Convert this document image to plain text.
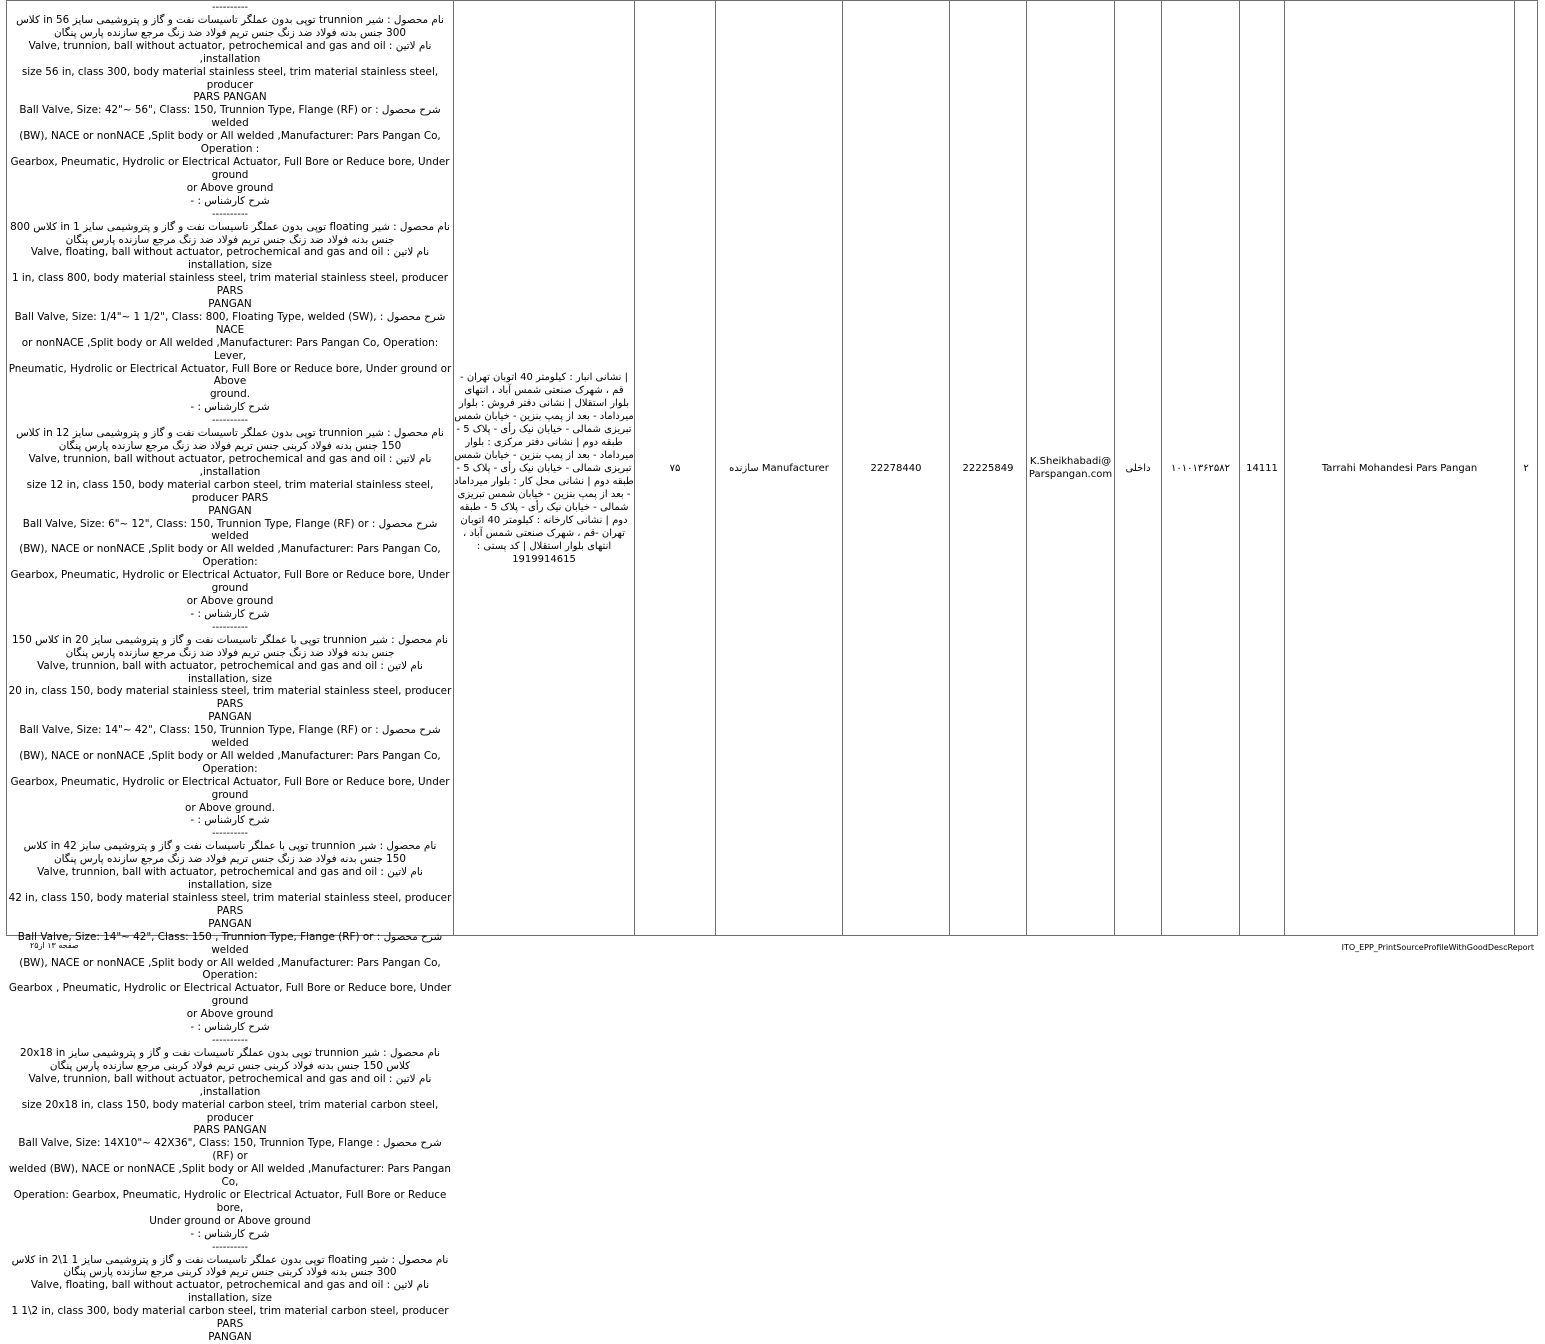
----------
نام محصول : شیر trunnion توپی بدون عملگر تاسیسات نفت و گاز و پتروشیمی سایز 56 in کلاس
300 جنس بدنه فولاد ضد زنگ جنس تریم فولاد ضد زنگ مرجع سازنده پارس پنگان
نام لاتین : Valve, trunnion, ball without actuator, petrochemical and gas and oil installation,
size 56 in, class 300, body material stainless steel, trim material stainless steel, producer
PARS PANGAN
شرح محصول : Ball Valve, Size: 42"~ 56", Class: 150, Trunnion Type, Flange (RF) or welded
(BW), NACE or nonNACE ,Split body or All welded ,Manufacturer: Pars Pangan Co, Operation :
Gearbox, Pneumatic, Hydrolic or Electrical Actuator, Full Bore or Reduce bore, Under ground
or Above ground
شرح کارشناس : -
----------
نام محصول : شیر floating توپی بدون عملگر تاسیسات نفت و گاز و پتروشیمی سایز 1 in کلاس 800
جنس بدنه فولاد ضد زنگ جنس تریم فولاد ضد زنگ مرجع سازنده پارس پنگان
نام لاتین : Valve, floating, ball without actuator, petrochemical and gas and oil installation, size
1 in, class 800, body material stainless steel, trim material stainless steel, producer PARS
PANGAN
شرح محصول : Ball Valve, Size: 1/4"~ 1 1/2", Class: 800, Floating Type, welded (SW), NACE
or nonNACE ,Split body or All welded ,Manufacturer: Pars Pangan Co, Operation: Lever,
Pneumatic, Hydrolic or Electrical Actuator, Full Bore or Reduce bore, Under ground or Above
ground.
شرح کارشناس : -
----------
نام محصول : شیر trunnion توپی بدون عملگر تاسیسات نفت و گاز و پتروشیمی سایز 12 in کلاس
150 جنس بدنه فولاد کربنی جنس تریم فولاد ضد زنگ مرجع سازنده پارس پنگان
نام لاتین : Valve, trunnion, ball without actuator, petrochemical and gas and oil installation,
size 12 in, class 150, body material carbon steel, trim material stainless steel, producer PARS
PANGAN
شرح محصول : Ball Valve, Size: 6"~ 12", Class: 150, Trunnion Type, Flange (RF) or welded
(BW), NACE or nonNACE ,Split body or All welded ,Manufacturer: Pars Pangan Co, Operation:
Gearbox, Pneumatic, Hydrolic or Electrical Actuator, Full Bore or Reduce bore, Under ground
or Above ground
شرح کارشناس : -
----------
نام محصول : شیر trunnion توپی با عملگر تاسیسات نفت و گاز و پتروشیمی سایز 20 in کلاس 150
جنس بدنه فولاد ضد زنگ جنس تریم فولاد ضد زنگ مرجع سازنده پارس پنگان
نام لاتین : Valve, trunnion, ball with actuator, petrochemical and gas and oil installation, size
20 in, class 150, body material stainless steel, trim material stainless steel, producer PARS
PANGAN
شرح محصول : Ball Valve, Size: 14"~ 42", Class: 150, Trunnion Type, Flange (RF) or welded
(BW), NACE or nonNACE ,Split body or All welded ,Manufacturer: Pars Pangan Co, Operation:
Gearbox, Pneumatic, Hydrolic or Electrical Actuator, Full Bore or Reduce bore, Under ground
or Above ground.
شرح کارشناس : -
----------
نام محصول : شیر trunnion توپی با عملگر تاسیسات نفت و گاز و پتروشیمی سایز 42 in کلاس
150 جنس بدنه فولاد ضد زنگ جنس تریم فولاد ضد زنگ مرجع سازنده پارس پنگان
نام لاتین : Valve, trunnion, ball with actuator, petrochemical and gas and oil installation, size
42 in, class 150, body material stainless steel, trim material stainless steel, producer PARS
PANGAN
شرح محصول : Ball Valve, Size: 14"~ 42", Class: 150 , Trunnion Type, Flange (RF) or welded
(BW), NACE or nonNACE ,Split body or All welded ,Manufacturer: Pars Pangan Co, Operation:
Gearbox , Pneumatic, Hydrolic or Electrical Actuator, Full Bore or Reduce bore, Under ground
or Above ground
شرح کارشناس : -
----------
نام محصول : شیر trunnion توپی بدون عملگر تاسیسات نفت و گاز و پتروشیمی سایز 20x18 in
کلاس 150 جنس بدنه فولاد کربنی جنس تریم فولاد کربنی مرجع سازنده پارس پنگان
نام لاتین : Valve, trunnion, ball without actuator, petrochemical and gas and oil installation,
size 20x18 in, class 150, body material carbon steel, trim material carbon steel, producer
PARS PANGAN
شرح محصول : Ball Valve, Size: 14X10"~ 42X36", Class: 150, Trunnion Type, Flange (RF) or
welded (BW), NACE or nonNACE ,Split body or All welded ,Manufacturer: Pars Pangan Co,
Operation: Gearbox, Pneumatic, Hydrolic or Electrical Actuator, Full Bore or Reduce bore,
Under ground or Above ground
شرح کارشناس : -
----------
نام محصول : شیر floating توپی بدون عملگر تاسیسات نفت و گاز و پتروشیمی سایز 1 1\2 in کلاس
300 جنس بدنه فولاد کربنی جنس تریم فولاد کربنی مرجع سازنده پارس پنگان
نام لاتین : Valve, floating, ball without actuator, petrochemical and gas and oil installation, size
1 1\2 in, class 300, body material carbon steel, trim material carbon steel, producer PARS
PANGAN
	| نشانی انبار : کیلومتر 40 اتوبان تهران - قم ، شهرک صنعتی شمس آباد ، انتهای بلوار استقلال | نشانی دفتر فروش : بلوار میرداماد - بعد از پمپ بنزین - خیابان شمس تبریزی شمالی - خیابان نیک رأی - پلاک 5 - طبقه دوم | نشانی دفتر مرکزی : بلوار میرداماد - بعد از پمپ بنزین - خیابان شمس تبریزی شمالی - خیابان نیک رأی - پلاک 5 - طبقه دوم | نشانی محل کار : بلوار میرداماد - بعد از پمپ بنزین - خیابان شمس تبریزی شمالی - خیابان نیک رأی - پلاک 5 - طبقه دوم | نشانی کارخانه : کیلومتر 40 اتوبان تهران -قم ، شهرک صنعتی شمس آباد ، انتهای بلوار استقلال | کد پستی : 1919914615	۷۵	سازنده Manufacturer	22278440	22225849	K.Sheikhabadi@Parspangan.com	داخلی	۱۰۱۰۱۳۶۲۵۸۲	14111	Tarrahi Mohandesi Pars Pangan	۲
صفحه ۱۳ از۲۵	ITO_EPP_PrintSourceProfileWithGoodDescReport
